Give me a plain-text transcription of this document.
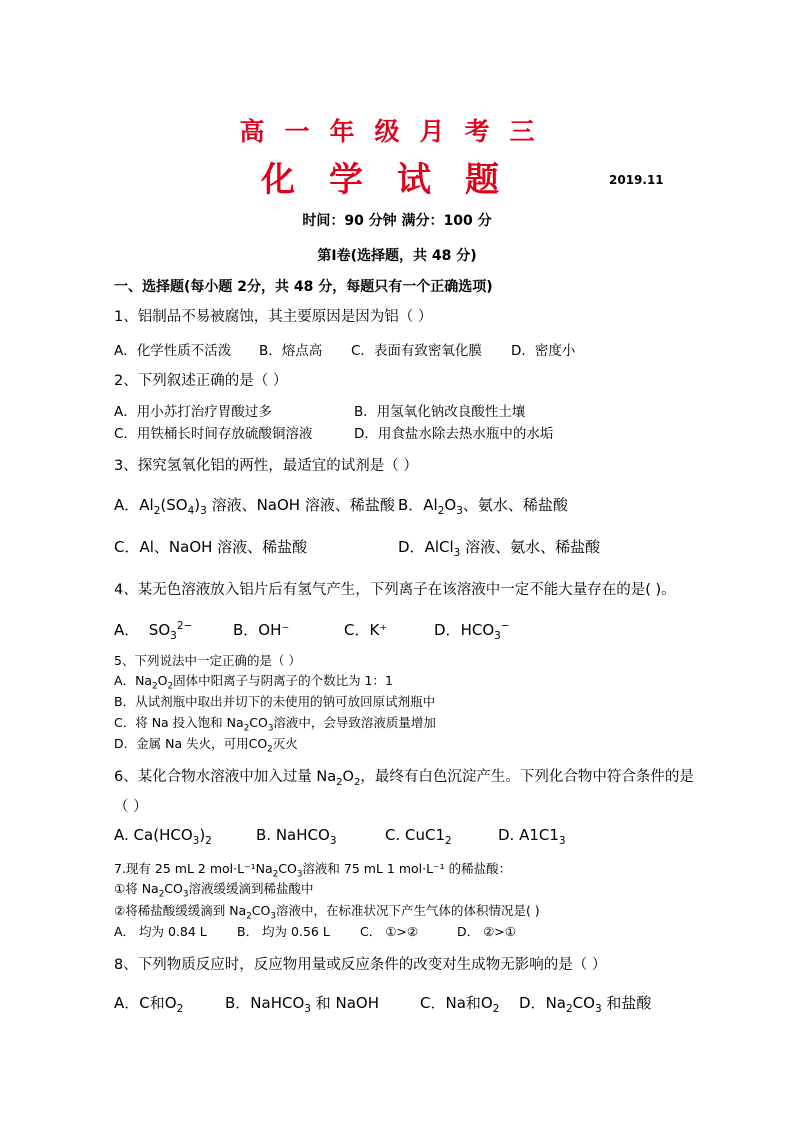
高一年级月考三
化学试题	2019.11
时间：90 分钟 满分：100 分
第Ⅰ卷(选择题，共 48 分)
一、选择题(每小题 2分，共 48 分，每题只有一个正确选项)
1、铝制品不易被腐蚀，其主要原因是因为铝（ ）
A．化学性质不活泼 B．熔点高 C．表面有致密氧化膜 D．密度小
2、下列叙述正确的是（ ）
A．用小苏打治疗胃酸过多	B．用氢氧化钠改良酸性土壤
C．用铁桶长时间存放硫酸铜溶液	D．用食盐水除去热水瓶中的水垢
3、探究氢氧化铝的两性，最适宜的试剂是（ ）
A．$Al_2(SO_4)_3$ 溶液、NaOH 溶液、稀盐酸 B．$Al_2O_3$、氨水、稀盐酸
C．Al、NaOH 溶液、稀盐酸	D．AlCl$_3$ 溶液、氨水、稀盐酸
4、某无色溶液放入铝片后有氢气产生，下列离子在该溶液中一定不能大量存在的是( )。
A．  $SO_3^{2-}$	B．OH⁻	C．K⁺	D．$HCO_3^-$
5、下列说法中一定正确的是（ ）
A．$Na_2O_2$固体中阳离子与阴离子的个数比为 1：1
B．从试剂瓶中取出并切下的未使用的钠可放回原试剂瓶中
C．将 Na 投入饱和 $Na_2CO_3$溶液中，会导致溶液质量增加
D．金属 Na 失火，可用$CO_2$灭火
6、某化合物水溶液中加入过量 $Na_2O_2$，最终有白色沉淀产生。下列化合物中符合条件的是
（ ）
A. $Ca(HCO_3)_2$	B. NaHCO$_3$	C. $CuC1_2$	D. $A1C1_3$
7.现有 25 mL 2 $mol\cdot L^{-1}Na_2CO_3$溶液和 75 mL 1 mol·L⁻¹ 的稀盐酸：
①将 $Na_2CO_3$溶液缓缓滴到稀盐酸中
②将稀盐酸缓缓滴到 $Na_2CO_3$溶液中，在标准状况下产生气体的体积情况是( )
A． 均为 0.84 L B． 均为 0.56 L C． ①>②	D． ②>①
8、下列物质反应时，反应物用量或反应条件的改变对生成物无影响的是（ ）
A．C和$O_2$	B．NaHCO$_3$ 和 NaOH	C．Na和$O_2$ D．$Na_2CO_3$ 和盐酸
